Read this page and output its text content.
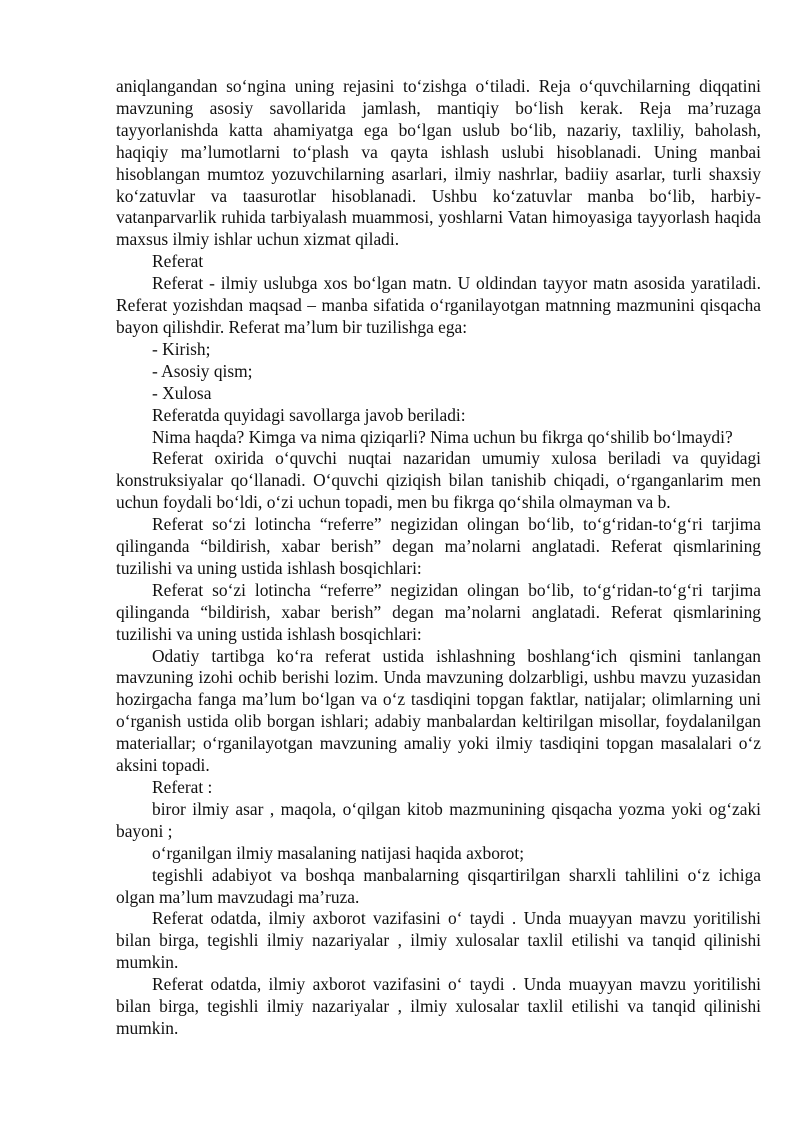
aniqlangandan so‘ngina uning rejasini to‘zishga o‘tiladi. Reja o‘quvchilarning diqqatini mavzuning asosiy savollarida jamlash, mantiqiy bo‘lish kerak. Reja ma’ruzaga tayyorlanishda katta ahamiyatga ega bo‘lgan uslub bo‘lib, nazariy, taxliliy, baholash, haqiqiy ma’lumotlarni to‘plash va qayta ishlash uslubi hisoblanadi. Uning manbai hisoblangan mumtoz yozuvchilarning asarlari, ilmiy nashrlar, badiiy asarlar, turli shaxsiy ko‘zatuvlar va taasurotlar hisoblanadi. Ushbu ko‘zatuvlar manba bo‘lib, harbiy-vatanparvarlik ruhida tarbiyalash muammosi, yoshlarni Vatan himoyasiga tayyorlash haqida maxsus ilmiy ishlar uchun xizmat qiladi.

Referat

Referat - ilmiy uslubga xos bo‘lgan matn. U oldindan tayyor matn asosida yaratiladi. Referat yozishdan maqsad – manba sifatida o‘rganilayotgan matnning mazmunini qisqacha bayon qilishdir. Referat ma’lum bir tuzilishga ega:

- Kirish;

- Asosiy qism;

- Xulosa

Referatda quyidagi savollarga javob beriladi:

Nima haqda? Kimga va nima qiziqarli? Nima uchun bu fikrga qo‘shilib bo‘lmaydi?

Referat oxirida o‘quvchi nuqtai nazaridan umumiy xulosa beriladi va quyidagi konstruksiyalar qo‘llanadi. O‘quvchi qiziqish bilan tanishib chiqadi, o‘rganganlarim men uchun foydali bo‘ldi, o‘zi uchun topadi, men bu fikrga qo‘shila olmayman va b.

Referat so‘zi lotincha “referre” negizidan olingan bo‘lib, to‘g‘ridan-to‘g‘ri tarjima qilinganda “bildirish, xabar berish” degan ma’nolarni anglatadi. Referat qismlarining tuzilishi va uning ustida ishlash bosqichlari:

Referat so‘zi lotincha “referre” negizidan olingan bo‘lib, to‘g‘ridan-to‘g‘ri tarjima qilinganda “bildirish, xabar berish” degan ma’nolarni anglatadi. Referat qismlarining tuzilishi va uning ustida ishlash bosqichlari:

Odatiy tartibga ko‘ra referat ustida ishlashning boshlang‘ich qismini tanlangan mavzuning izohi ochib berishi lozim. Unda mavzuning dolzarbligi, ushbu mavzu yuzasidan hozirgacha fanga ma’lum bo‘lgan va o‘z tasdiqini topgan faktlar, natijalar; olimlarning uni o‘rganish ustida olib borgan ishlari; adabiy manbalardan keltirilgan misollar, foydalanilgan materiallar; o‘rganilayotgan mavzuning amaliy yoki ilmiy tasdiqini topgan masalalari o‘z aksini topadi.

Referat :

biror ilmiy asar , maqola, o‘qilgan kitob mazmunining qisqacha yozma yoki og‘zaki bayoni ;

o‘rganilgan ilmiy masalaning natijasi haqida axborot;

tegishli adabiyot va boshqa manbalarning qisqartirilgan sharxli tahlilini o‘z ichiga olgan ma’lum mavzudagi ma’ruza.

Referat odatda, ilmiy axborot vazifasini o‘ taydi . Unda muayyan mavzu yoritilishi bilan birga, tegishli ilmiy nazariyalar , ilmiy xulosalar taxlil etilishi va tanqid qilinishi mumkin.

Referat odatda, ilmiy axborot vazifasini o‘ taydi . Unda muayyan mavzu yoritilishi bilan birga, tegishli ilmiy nazariyalar , ilmiy xulosalar taxlil etilishi va tanqid qilinishi mumkin.
